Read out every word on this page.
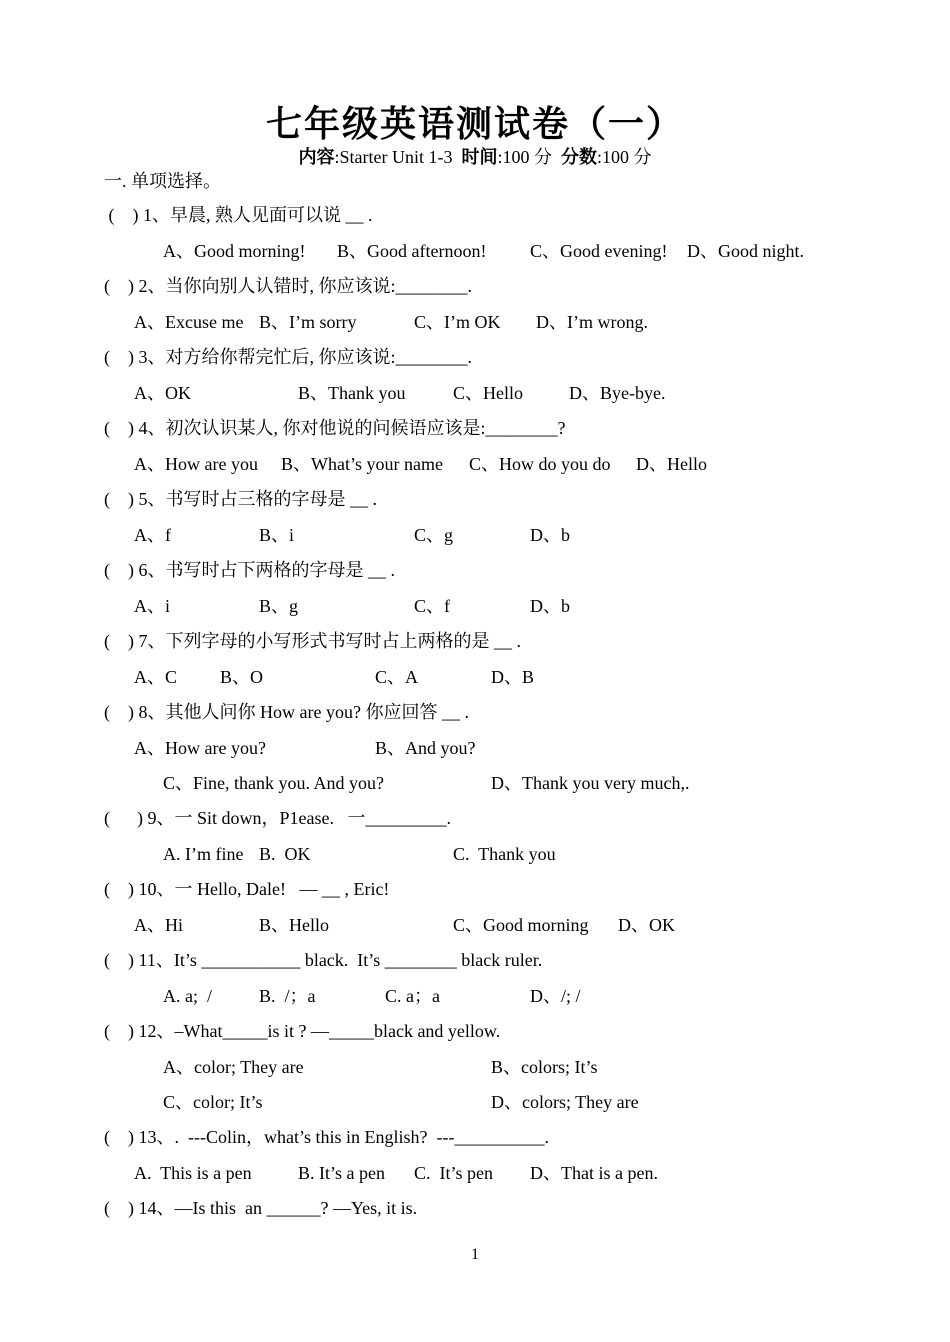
七年级英语测试卷（一）
内容:Starter Unit 1-3 时间:100 分 分数:100 分
一. 单项选择。
(    ) 1、早晨, 熟人见面可以说 __ .
A、Good morning! B、Good afternoon! C、Good evening! D、Good night.
(    ) 2、当你向别人认错时, 你应该说:________.
A、Excuse me B、I’m sorry	C、I’m OK D、I’m wrong.
(    ) 3、对方给你帮完忙后, 你应该说:________.
A、OK	B、Thank you	C、Hello	D、Bye-bye.
(    ) 4、初次认识某人, 你对他说的问候语应该是:________?
A、How are you B、What’s your name C、How do you do D、Hello
(    ) 5、书写时占三格的字母是 __ .
A、f	B、i	C、g	D、b
(    ) 6、书写时占下两格的字母是 __ .
A、i	B、g	C、f	D、b
(    ) 7、下列字母的小写形式书写时占上两格的是 __ .
A、C B、O	C、A	D、B
(    ) 8、其他人问你 How are you? 你应回答 __ .
A、How are you?	B、And you?
C、Fine, thank you. And you?	D、Thank you very much,.
(      ) 9、一 Sit down，P1ease.   一_________.
A. I’m fine B.  OK	C.  Thank you
(    ) 10、一 Hello, Dale!   — __ , Eric!
A、Hi	B、Hello	C、Good morning D、OK
(    ) 11、It’s ___________ black.  It’s ________ black ruler.
A. a;  /	B.  /；a	C. a；a	D、/; /
(    ) 12、–What_____is it ? —_____black and yellow.
A、color; They are	B、colors; It’s
C、color; It’s	D、colors; They are
(    ) 13、.  ---Colin，what’s this in English?  ---__________.
A.  This is a pen	B. It’s a pen C.  It’s pen D、That is a pen.
(    ) 14、—Is this  an ______? —Yes, it is.
1
